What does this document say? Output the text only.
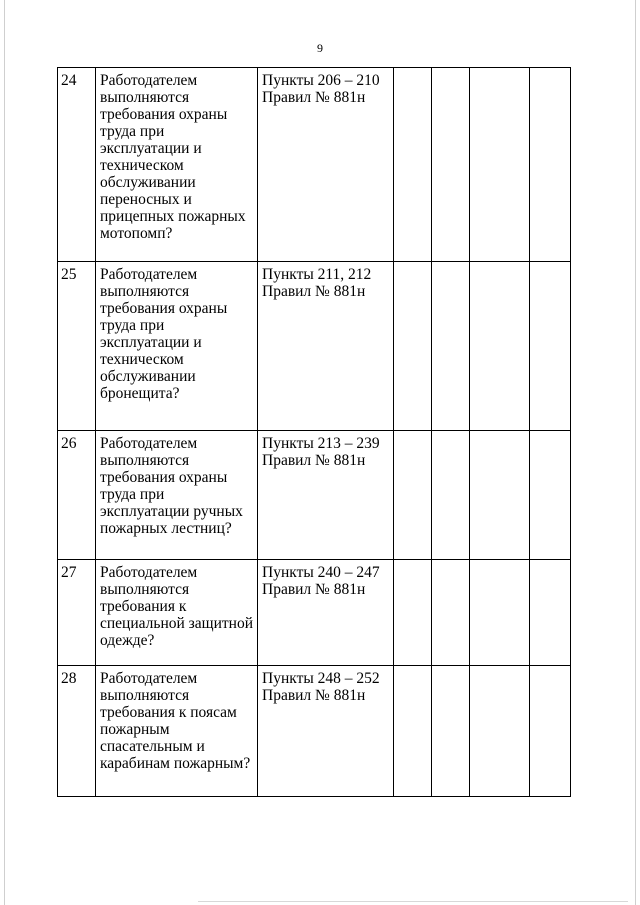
9
24	Работодателем выполняются требования охраны труда при эксплуатации и техническом обслуживании переносных и прицепных пожарных мотопомп?	Пункты 206 – 210
Правил № 881н				

25	Работодателем выполняются требования охраны труда при эксплуатации и техническом обслуживании бронещита?	Пункты 211, 212
Правил № 881н				

26	Работодателем выполняются требования охраны труда при эксплуатации ручных пожарных лестниц?	Пункты 213 – 239
Правил № 881н				

27	Работодателем выполняются требования к специальной защитной одежде?	Пункты 240 – 247
Правил № 881н				

28	Работодателем выполняются требования к поясам пожарным спасательным и карабинам пожарным?	Пункты 248 – 252
Правил № 881н				
